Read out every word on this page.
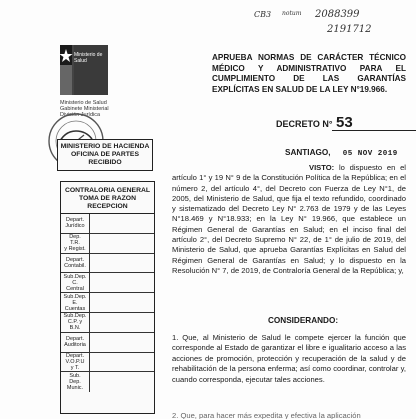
CB3 notum 2088399
2191712
Ministerio de
Salud
Ministerio de Salud
Gabinete Ministerial
División Jurídica
MINISTERIO DE HACIENDA
OFICINA DE PARTES
RECIBIDO
CONTRALORIA GENERAL
TOMA DE RAZON
RECEPCION
Depart.
Jurídico
Dep.
T.R.
y Regist.
Depart.
Contabil.
Sub.Dep.
C.
Central
Sub.Dep.
E.
Cuentas
Sub.Dep.
C.P. y
B.N.
Depart.
Auditoria
Depart.
V.O.P.U
y T.
Sub.
Dep.
Munic.
APRUEBA NORMAS DE CARÁCTER TÉCNICO MÉDICO Y ADMINISTRATIVO PARA EL CUMPLIMIENTO DE LAS GARANTÍAS EXPLÍCITAS EN SALUD DE LA LEY N°19.966.
DECRETO N° 53
SANTIAGO, 05 NOV 2019
VISTO: lo dispuesto en el artículo 1° y 19 N° 9 de la Constitución Política de la República; en el número 2, del artículo 4°, del Decreto con Fuerza de Ley N°1, de 2005, del Ministerio de Salud, que fija el texto refundido, coordinado y sistematizado del Decreto Ley N° 2.763 de 1979 y de las Leyes N°18.469 y N°18.933; en la Ley N° 19.966, que establece un Régimen General de Garantías en Salud; en el inciso final del artículo 2°, del Decreto Supremo N° 22, de 1° de julio de 2019, del Ministerio de Salud, que aprueba Garantías Explícitas en Salud del Régimen General de Garantías en Salud; y lo dispuesto en la Resolución N° 7, de 2019, de Contraloría General de la República; y,
CONSIDERANDO:
1. Que, al Ministerio de Salud le compete ejercer la función que corresponde al Estado de garantizar el libre e igualitario acceso a las acciones de promoción, protección y recuperación de la salud y de rehabilitación de la persona enferma; así como coordinar, controlar y, cuando corresponda, ejecutar tales acciones.
2. Que, para hacer más expedita y efectiva la aplicación
